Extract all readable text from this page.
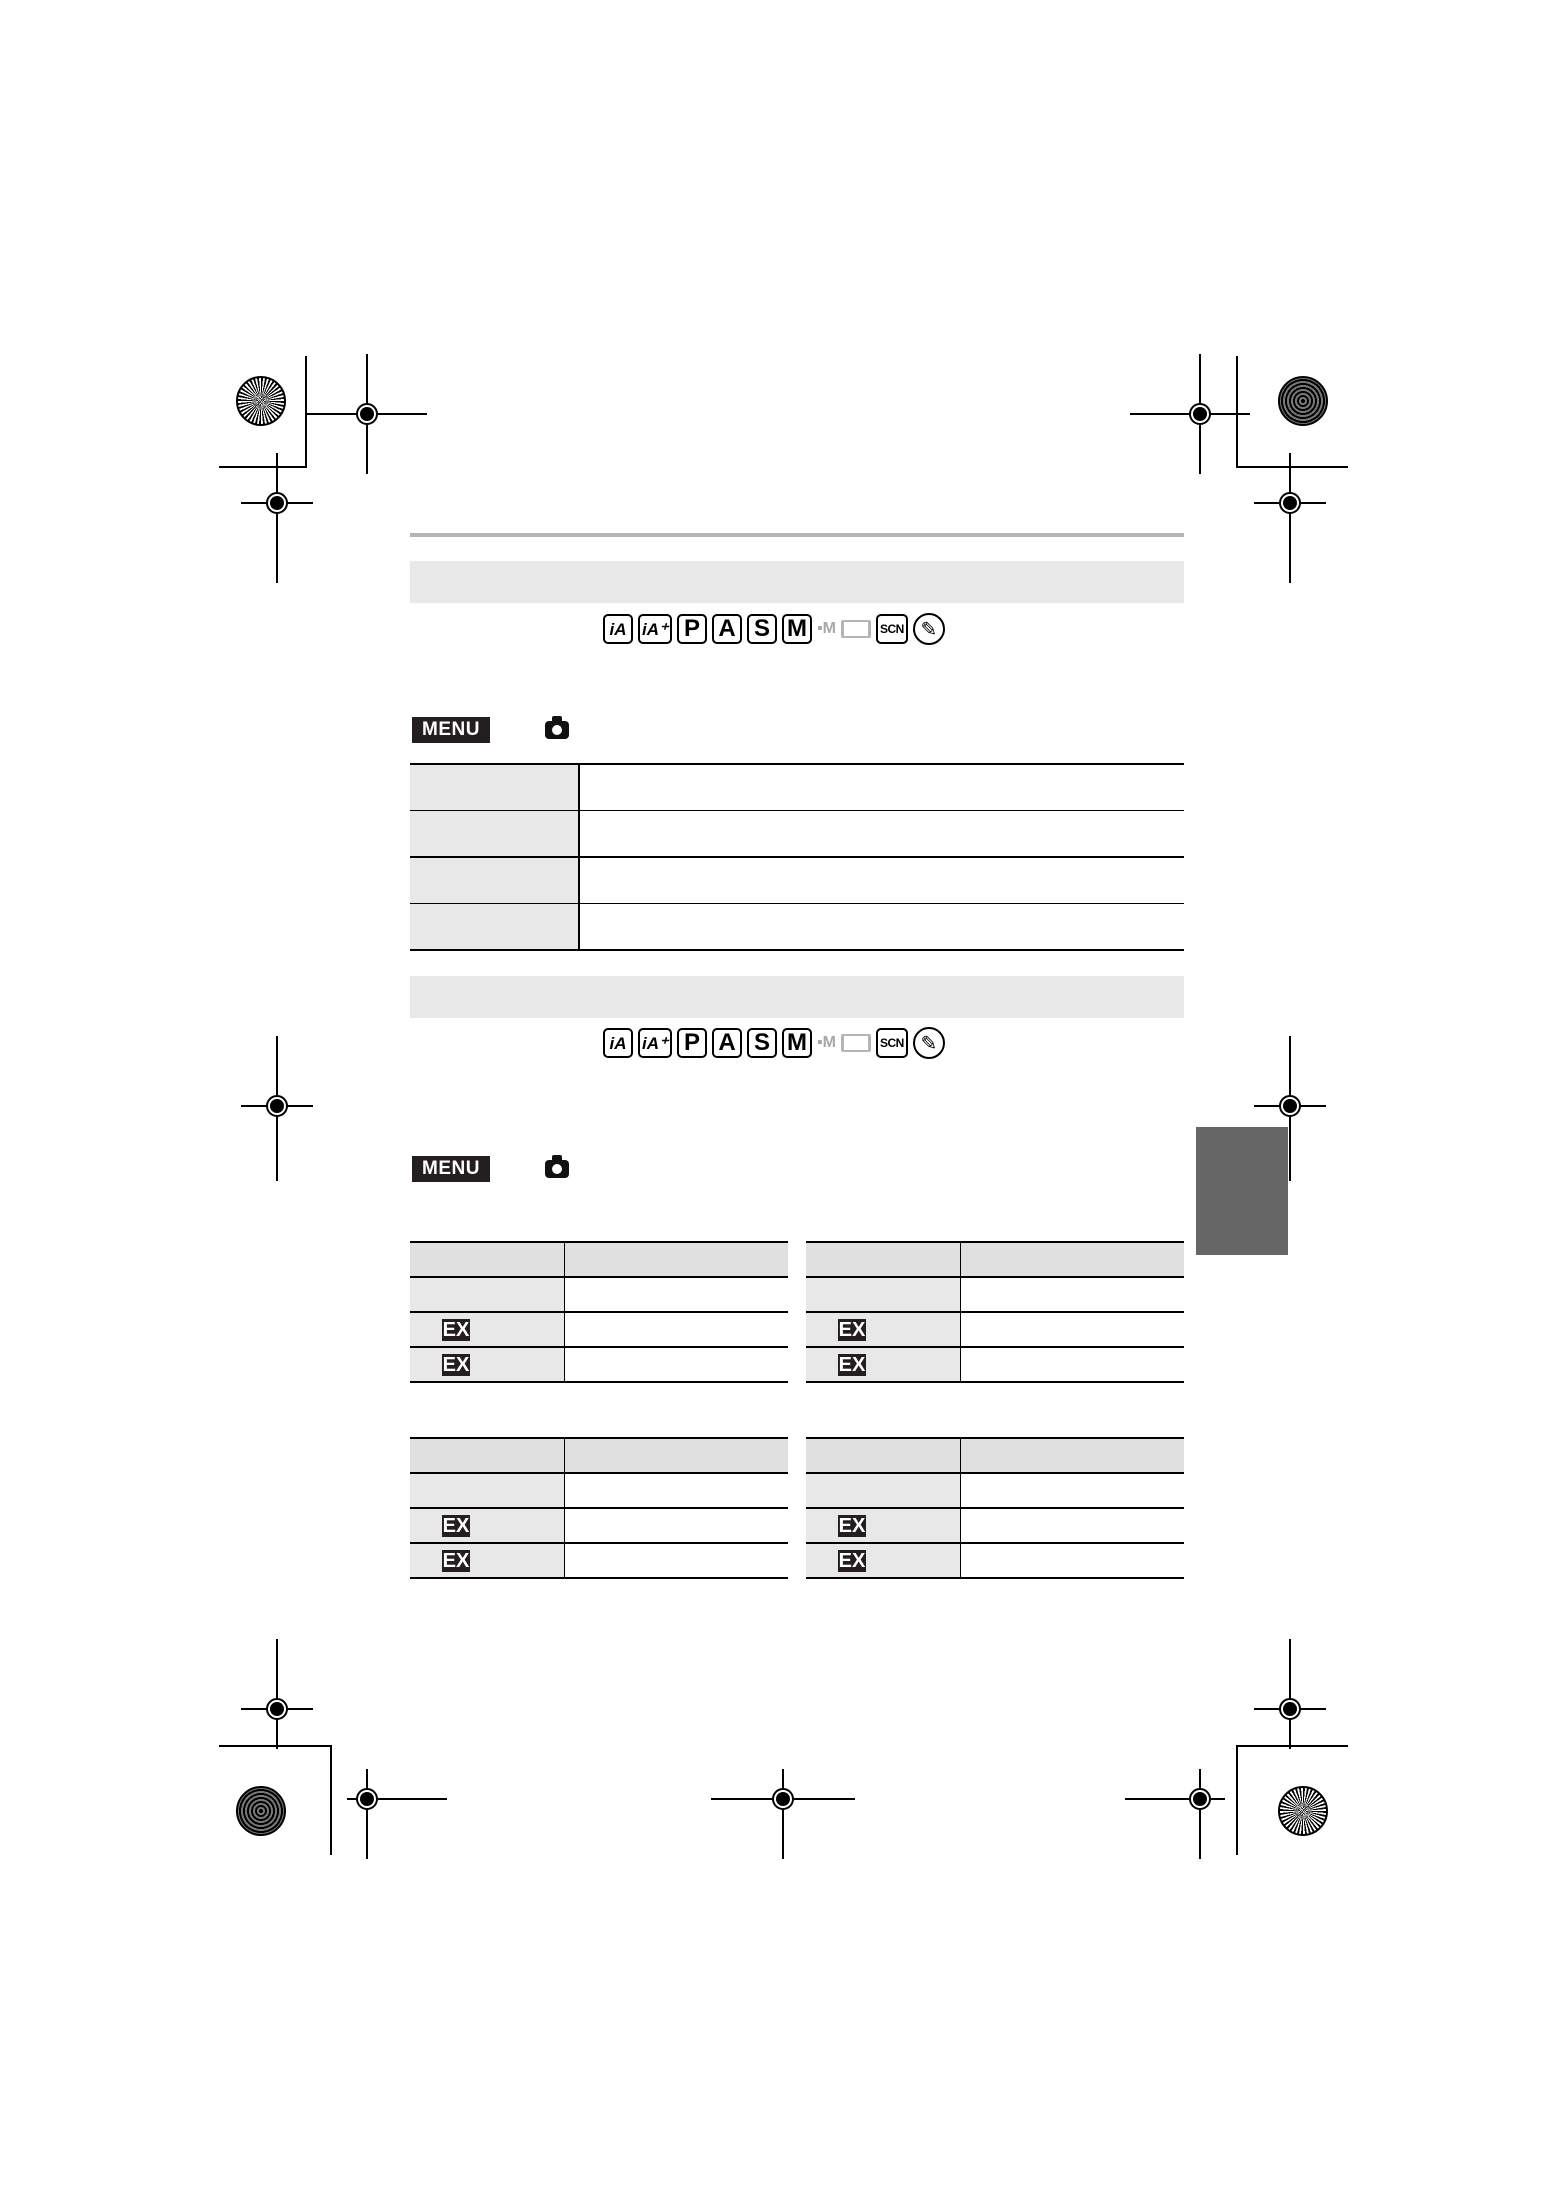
iA iA⁺ P A S M ▪M	SCN ✎
MENU

iA iA⁺ P A S M ▪M	SCN ✎
MENU

EX	
EX	

EX	
EX	

EX	
EX	

EX	
EX	
